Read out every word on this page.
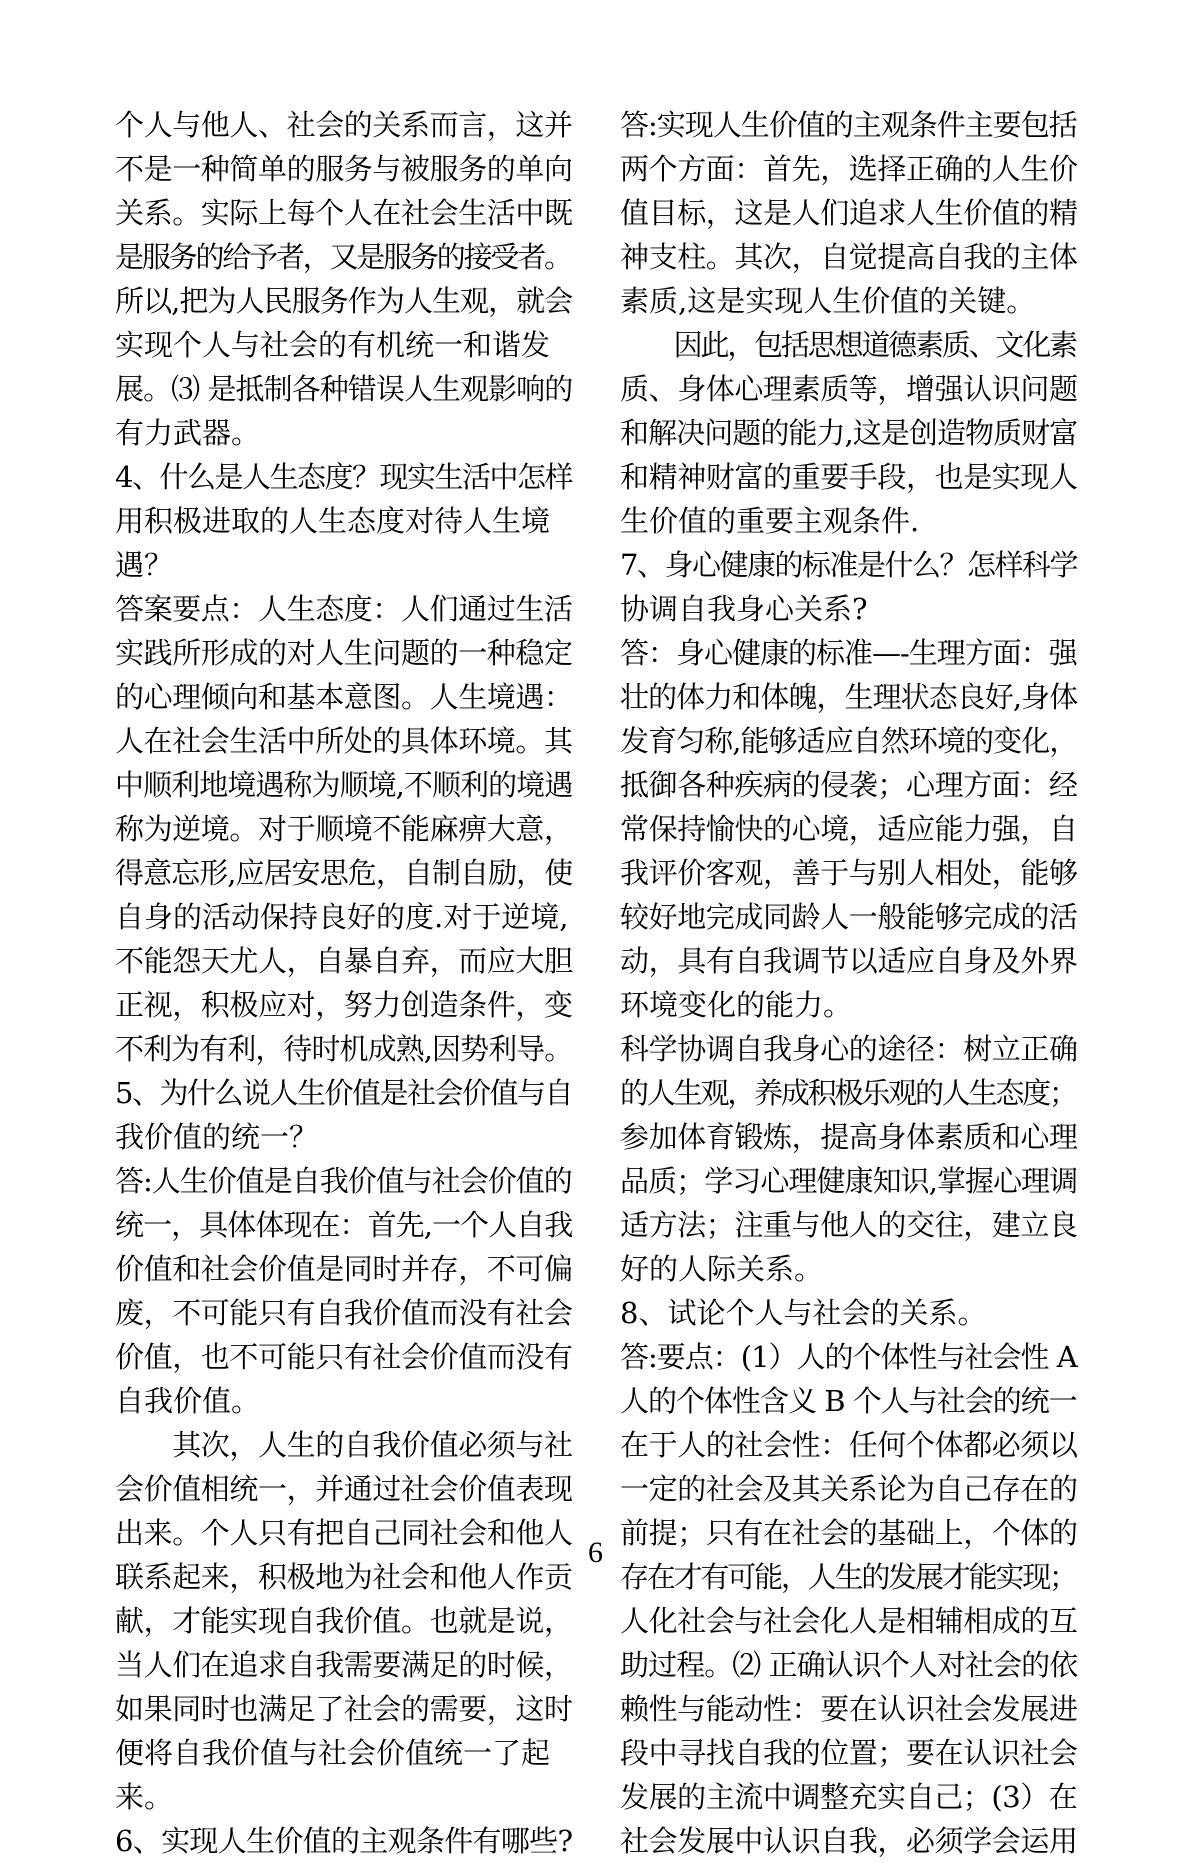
个人与他人、社会的关系而言，这并
不是一种简单的服务与被服务的单向
关系。实际上每个人在社会生活中既
是服务的给予者，又是服务的接受者。
所以,把为人民服务作为人生观，就会
实现个人与社会的有机统一和谐发
展。⑶ 是抵制各种错误人生观影响的
有力武器。
4、什么是人生态度？现实生活中怎样
用积极进取的人生态度对待人生境
遇？
答案要点：人生态度：人们通过生活
实践所形成的对人生问题的一种稳定
的心理倾向和基本意图。人生境遇：
人在社会生活中所处的具体环境。其
中顺利地境遇称为顺境,不顺利的境遇
称为逆境。对于顺境不能麻痹大意，
得意忘形,应居安思危，自制自励，使
自身的活动保持良好的度.对于逆境,
不能怨天尤人，自暴自弃，而应大胆
正视，积极应对，努力创造条件，变
不利为有利，待时机成熟,因势利导。
5、为什么说人生价值是社会价值与自
我价值的统一？
答:人生价值是自我价值与社会价值的
统一，具体体现在：首先,一个人自我
价值和社会价值是同时并存，不可偏
废，不可能只有自我价值而没有社会
价值，也不可能只有社会价值而没有
自我价值。
　　其次，人生的自我价值必须与社
会价值相统一，并通过社会价值表现
出来。个人只有把自己同社会和他人
联系起来，积极地为社会和他人作贡
献，才能实现自我价值。也就是说，
当人们在追求自我需要满足的时候，
如果同时也满足了社会的需要，这时
便将自我价值与社会价值统一了起
来。
6、实现人生价值的主观条件有哪些?
答:实现人生价值的主观条件主要包括
两个方面：首先，选择正确的人生价
值目标，这是人们追求人生价值的精
神支柱。其次，自觉提高自我的主体
素质,这是实现人生价值的关键。
　　因此，包括思想道德素质、文化素
质、身体心理素质等，增强认识问题
和解决问题的能力,这是创造物质财富
和精神财富的重要手段，也是实现人
生价值的重要主观条件.
7、身心健康的标准是什么？怎样科学
协调自我身心关系?
答：身心健康的标准—-生理方面：强
壮的体力和体魄，生理状态良好,身体
发育匀称,能够适应自然环境的变化，
抵御各种疾病的侵袭；心理方面：经
常保持愉快的心境，适应能力强，自
我评价客观，善于与别人相处，能够
较好地完成同龄人一般能够完成的活
动，具有自我调节以适应自身及外界
环境变化的能力。
科学协调自我身心的途径：树立正确
的人生观，养成积极乐观的人生态度；
参加体育锻炼，提高身体素质和心理
品质；学习心理健康知识,掌握心理调
适方法；注重与他人的交往，建立良
好的人际关系。
8、试论个人与社会的关系。
答:要点：(1）人的个体性与社会性 A
人的个体性含义 B 个人与社会的统一
在于人的社会性：任何个体都必须以
一定的社会及其关系论为自己存在的
前提；只有在社会的基础上，个体的
存在才有可能，人生的发展才能实现；
人化社会与社会化人是相辅相成的互
助过程。⑵ 正确认识个人对社会的依
赖性与能动性：要在认识社会发展进
段中寻找自我的位置；要在认识社会
发展的主流中调整充实自己；(3）在
社会发展中认识自我，必须学会运用
6
